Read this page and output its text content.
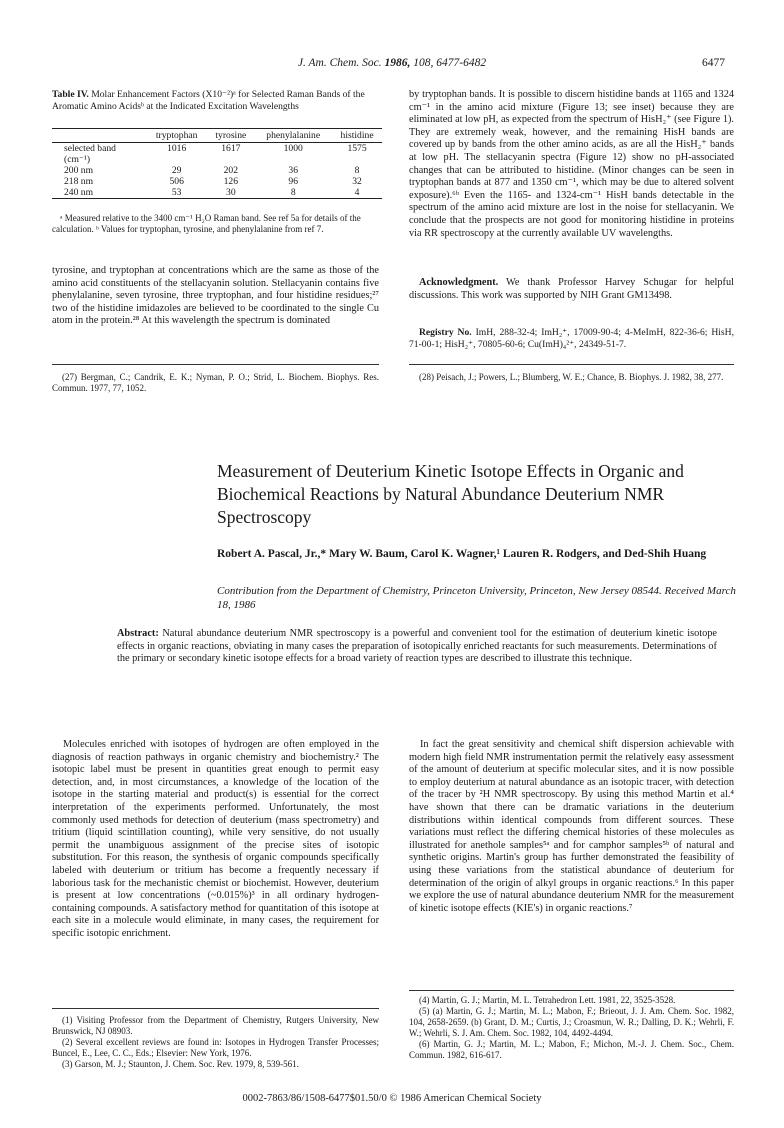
J. Am. Chem. Soc. 1986, 108, 6477-6482	6477

Table IV. Molar Enhancement Factors (X10⁻²)ᵃ for Selected Raman Bands of the Aromatic Amino Acidsᵇ at the Indicated Excitation Wavelengths

	tryptophan	tyrosine	phenylalanine	histidine
selected band (cm⁻¹)	1016	1617	1000	1575
200 nm	29	202	36	8
218 nm	506	126	96	32
240 nm	53	30	8	4

ᵃ Measured relative to the 3400 cm⁻¹ H₂O Raman band. See ref 5a for details of the calculation. ᵇ Values for tryptophan, tyrosine, and phenylalanine from ref 7.

tyrosine, and tryptophan at concentrations which are the same as those of the amino acid constituents of the stellacyanin solution. Stellacyanin contains five phenylalanine, seven tyrosine, three tryptophan, and four histidine residues;²⁷ two of the histidine imidazoles are believed to be coordinated to the single Cu atom in the protein.²⁸ At this wavelength the spectrum is dominated

by tryptophan bands. It is possible to discern histidine bands at 1165 and 1324 cm⁻¹ in the amino acid mixture (Figure 13; see inset) because they are eliminated at low pH, as expected from the spectrum of HisH₂⁺ (see Figure 1). They are extremely weak, however, and the remaining HisH bands are covered up by bands from the other amino acids, as are all the HisH₂⁺ bands at low pH. The stellacyanin spectra (Figure 12) show no pH-associated changes that can be attributed to histidine. (Minor changes can be seen in tryptophan bands at 877 and 1350 cm⁻¹, which may be due to altered solvent exposure).⁶ᵇ Even the 1165- and 1324-cm⁻¹ HisH bands detectable in the spectrum of the amino acid mixture are lost in the noise for stellacyanin. We conclude that the prospects are not good for monitoring histidine in proteins via RR spectroscopy at the currently available UV wavelengths.

Acknowledgment. We thank Professor Harvey Schugar for helpful discussions. This work was supported by NIH Grant GM13498.

Registry No. ImH, 288-32-4; ImH₂⁺, 17009-90-4; 4-MeImH, 822-36-6; HisH, 71-00-1; HisH₂⁺, 70805-60-6; Cu(ImH)₄²⁺, 24349-51-7.

(27) Bergman, C.; Candrik, E. K.; Nyman, P. O.; Strid, L. Biochem. Biophys. Res. Commun. 1977, 77, 1052.

(28) Peisach, J.; Powers, L.; Blumberg, W. E.; Chance, B. Biophys. J. 1982, 38, 277.

Measurement of Deuterium Kinetic Isotope Effects in Organic and Biochemical Reactions by Natural Abundance Deuterium NMR Spectroscopy

Robert A. Pascal, Jr.,* Mary W. Baum, Carol K. Wagner,¹ Lauren R. Rodgers, and Ded-Shih Huang

Contribution from the Department of Chemistry, Princeton University, Princeton, New Jersey 08544. Received March 18, 1986

Abstract: Natural abundance deuterium NMR spectroscopy is a powerful and convenient tool for the estimation of deuterium kinetic isotope effects in organic reactions, obviating in many cases the preparation of isotopically enriched reactants for such measurements. Determinations of the primary or secondary kinetic isotope effects for a broad variety of reaction types are described to illustrate this technique.

Molecules enriched with isotopes of hydrogen are often employed in the diagnosis of reaction pathways in organic chemistry and biochemistry.² The isotopic label must be present in quantities great enough to permit easy detection, and, in most circumstances, a knowledge of the location of the isotope in the starting material and product(s) is essential for the correct interpretation of the experiments performed. Unfortunately, the most commonly used methods for detection of deuterium (mass spectrometry) and tritium (liquid scintillation counting), while very sensitive, do not usually permit the unambiguous assignment of the precise sites of isotopic substitution. For this reason, the synthesis of organic compounds specifically labeled with deuterium or tritium has become a frequently necessary if laborious task for the mechanistic chemist or biochemist. However, deuterium is present at low concentrations (~0.015%)³ in all ordinary hydrogen-containing compounds. A satisfactory method for quantitation of this isotope at each site in a molecule would eliminate, in many cases, the requirement for specific isotopic enrichment.

In fact the great sensitivity and chemical shift dispersion achievable with modern high field NMR instrumentation permit the relatively easy assessment of the amount of deuterium at specific molecular sites, and it is now possible to employ deuterium at natural abundance as an isotopic tracer, with detection of the tracer by ²H NMR spectroscopy. By using this method Martin et al.⁴ have shown that there can be dramatic variations in the deuterium distributions within identical compounds from different sources. These variations must reflect the differing chemical histories of these molecules as illustrated for anethole samples⁵ᵃ and for camphor samples⁵ᵇ of natural and synthetic origins. Martin's group has further demonstrated the feasibility of using these variations from the statistical abundance of deuterium for determination of the origin of alkyl groups in organic reactions.⁶ In this paper we explore the use of natural abundance deuterium NMR for the measurement of kinetic isotope effects (KIE's) in organic reactions.⁷

(1) Visiting Professor from the Department of Chemistry, Rutgers University, New Brunswick, NJ 08903.

(2) Several excellent reviews are found in: Isotopes in Hydrogen Transfer Processes; Buncel, E., Lee, C. C., Eds.; Elsevier: New York, 1976.

(3) Garson, M. J.; Staunton, J. Chem. Soc. Rev. 1979, 8, 539-561.

(4) Martin, G. J.; Martin, M. L. Tetrahedron Lett. 1981, 22, 3525-3528.

(5) (a) Martin, G. J.; Martin, M. L.; Mabon, F.; Brieout, J. J. Am. Chem. Soc. 1982, 104, 2658-2659. (b) Grant, D. M.; Curtis, J.; Croasmun, W. R.; Dalling, D. K.; Wehrli, F. W.; Wehrli, S. J. Am. Chem. Soc. 1982, 104, 4492-4494.

(6) Martin, G. J.; Martin, M. L.; Mabon, F.; Michon, M.-J. J. Chem. Soc., Chem. Commun. 1982, 616-617.

0002-7863/86/1508-6477$01.50/0 © 1986 American Chemical Society
